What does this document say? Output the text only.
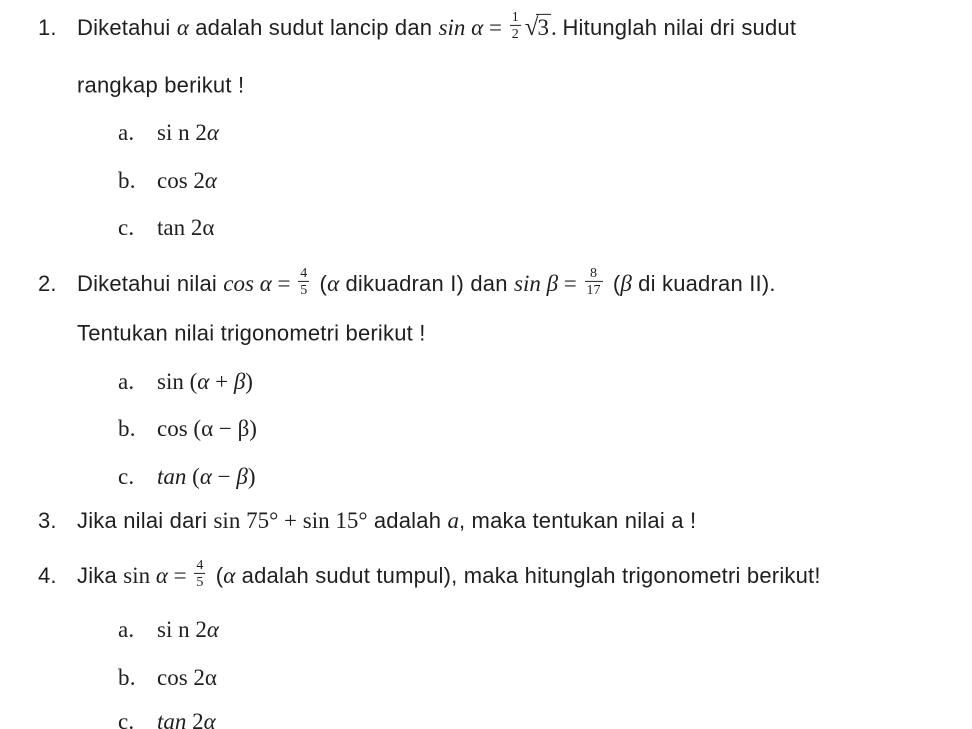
1. Diketahui α adalah sudut lancip dan $\sin \alpha = \frac{1}{2} √3$. Hitunglah nilai dri sudut
rangkap berikut !
a. si n 2α
b. cos 2α
c. tan 2α
2. Diketahui nilai $\cos \alpha = \frac{4}{5} (\alpha$ dikuadran I) dan $\sin \beta = \frac{8}{17} (\beta$ di kuadran II).
Tentukan nilai trigonometri berikut !
a. sin (α + β)
b. cos (α − β)
c. tan (α − β)
3. Jika nilai dari sin 75° + sin 15° adalah a, maka tentukan nilai a !
4. Jika $\sin \alpha = \frac{4}{5} (\alpha$ adalah sudut tumpul), maka hitunglah trigonometri berikut!
a. si n 2α
b. cos 2α
c. tan 2α
